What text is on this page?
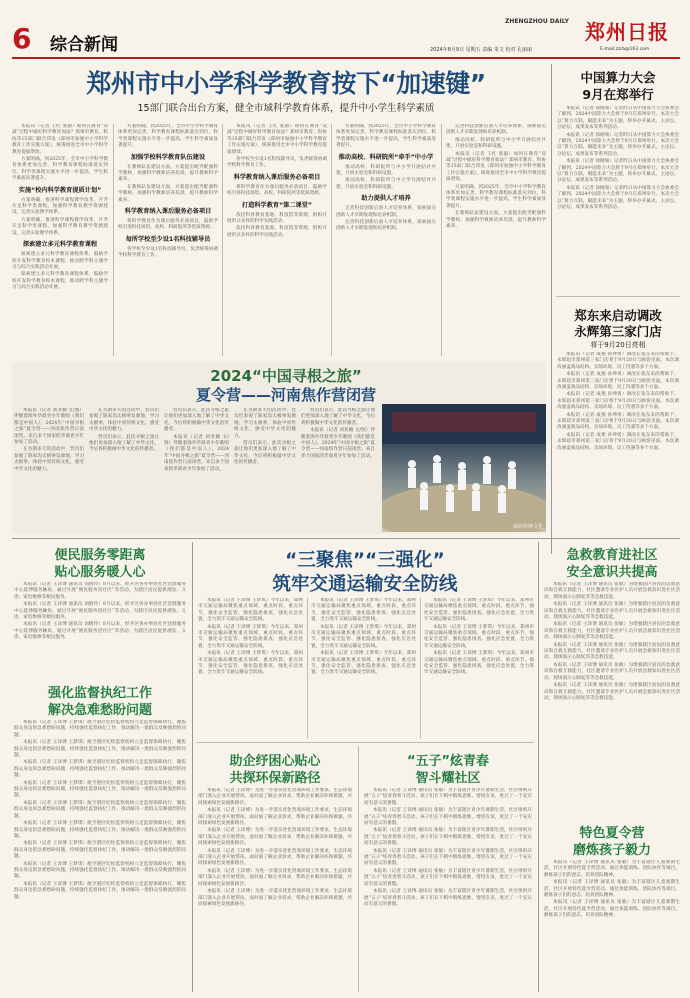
6 综合新闻	2024年8月9日 星期五 责编 朱文 校对 孔丽丽
ZHENGZHOU DAILY 郑州日报
E-mail:zzrb@163.com
郑州市中小学科学教育按下“加速键”
15部门联合出台方案，健全市域科学教育体系，提升中小学生科学素质

本报讯（记者 王红 张毅）如何在教育“双减”过程中做好科学教育加法？郑州市教育、科协等15部门联合印发《郑州市加强中小学科学教育工作实施方案》，统筹推进全市中小学科学教育提质增效。

方案明确，到2025年，全市中小学科学教育体系更加完善，科学教育课程标准落实到位，科学类课程实施水平进一步提高，学生科学素质显著提升。

实施“校内科学教育提质计划”

方案明确，推进科学课程教学改革，开齐开足科学类课程。加强科学教育教学资源建设，完善实验教学体系。

方案明确，推进科学课程教学改革，开齐开足科学类课程。加强科学教育教学资源建设，完善实验教学体系。

探索建立多元科学教育课程

探索建立多元科学教育课程体系，鼓励学校开发科学教育校本课程，推动跨学科主题学习与综合实践活动开展。

探索建立多元科学教育课程体系，鼓励学校开发科学教育校本课程，推动跨学科主题学习与综合实践活动开展。

方案明确，到2025年，全市中小学科学教育体系更加完善，科学教育课程标准落实到位，科学类课程实施水平进一步提高，学生科学素质显著提升。

加强学校科学教育队伍建设

在教师队伍建设方面，方案提出配齐配强科学教师，加强科学教师培养培训，提升教师科学素养。

在教师队伍建设方面，方案提出配齐配强科学教师，加强科学教师培养培训，提升教师科学素养。

科学教育纳入课后服务必备项目

将科学教育作为课后服务必备项目，鼓励学校引进科技场馆、高校、科研院所等优质资源。

每所学校至少设1名科技辅导员

各学校至少设1名科技辅导员，负责统筹协调学校科学教育工作。

本报讯（记者 王红 张毅）如何在教育“双减”过程中做好科学教育加法？郑州市教育、科协等15部门联合印发《郑州市加强中小学科学教育工作实施方案》，统筹推进全市中小学科学教育提质增效。

各学校至少设1名科技辅导员，负责统筹协调学校科学教育工作。

科学教育纳入课后服务必备项目

将科学教育作为课后服务必备项目，鼓励学校引进科技场馆、高校、科研院所等优质资源。

打造科学教育“第二课堂”

依托科普教育基地、科技馆等资源，组织开展形式多样的科学实践活动。

依托科普教育基地、科技馆等资源，组织开展形式多样的科学实践活动。

方案明确，到2025年，全市中小学科学教育体系更加完善，科学教育课程标准落实到位，科学类课程实施水平进一步提高，学生科学素质显著提升。

推动高校、科研院所“牵手”中小学

推动高校、科研院所与中小学开展结对共建，开放实验室和科研设施。

推动高校、科研院所与中小学开展结对共建，开放实验室和科研设施。

助力提供人才培养

完善科技创新后备人才培养体系，探索拔尖创新人才早期发现和培养机制。

完善科技创新后备人才培养体系，探索拔尖创新人才早期发现和培养机制。

完善科技创新后备人才培养体系，探索拔尖创新人才早期发现和培养机制。

推动高校、科研院所与中小学开展结对共建，开放实验室和科研设施。

本报讯（记者 王红 张毅）如何在教育“双减”过程中做好科学教育加法？郑州市教育、科协等15部门联合印发《郑州市加强中小学科学教育工作实施方案》，统筹推进全市中小学科学教育提质增效。

方案明确，到2025年，全市中小学科学教育体系更加完善，科学教育课程标准落实到位，科学类课程实施水平进一步提高，学生科学素质显著提升。

在教师队伍建设方面，方案提出配齐配强科学教师，加强科学教师培养培训，提升教师科学素养。

中国算力大会
9月在郑举行

本报讯（记者 徐刚领）记者昨日从中国算力大会执委会了解到，2024中国算力大会将于9月在郑州举行。本次大会以“算力互联，赋能未来”为主题，将举办开幕式、主论坛、分论坛、成果发布等系列活动。

本报讯（记者 徐刚领）记者昨日从中国算力大会执委会了解到，2024中国算力大会将于9月在郑州举行。本次大会以“算力互联，赋能未来”为主题，将举办开幕式、主论坛、分论坛、成果发布等系列活动。

本报讯（记者 徐刚领）记者昨日从中国算力大会执委会了解到，2024中国算力大会将于9月在郑州举行。本次大会以“算力互联，赋能未来”为主题，将举办开幕式、主论坛、分论坛、成果发布等系列活动。

本报讯（记者 徐刚领）记者昨日从中国算力大会执委会了解到，2024中国算力大会将于9月在郑州举行。本次大会以“算力互联，赋能未来”为主题，将举办开幕式、主论坛、分论坛、成果发布等系列活动。

郑东来启动调改
永辉第三家门店
将于9月20日亮相

本报讯（记者 成燕 孙坤勇）调改在张东来的帮助下，永辉超市郑州第三家门店将于9月20日与顾客见面。本次调改涵盖商品结构、卖场环境、员工待遇等多个方面。

本报讯（记者 成燕 孙坤勇）调改在张东来的帮助下，永辉超市郑州第三家门店将于9月20日与顾客见面。本次调改涵盖商品结构、卖场环境、员工待遇等多个方面。

本报讯（记者 成燕 孙坤勇）调改在张东来的帮助下，永辉超市郑州第三家门店将于9月20日与顾客见面。本次调改涵盖商品结构、卖场环境、员工待遇等多个方面。

本报讯（记者 成燕 孙坤勇）调改在张东来的帮助下，永辉超市郑州第三家门店将于9月20日与顾客见面。本次调改涵盖商品结构、卖场环境、员工待遇等多个方面。

本报讯（记者 成燕 孙坤勇）调改在张东来的帮助下，永辉超市郑州第三家门店将于9月20日与顾客见面。本次调改涵盖商品结构、卖场环境、员工待遇等多个方面。

2024“中国寻根之旅”
夏令营——河南焦作营闭营

本报讯（记者 刘亚楠 文/图）伴随着海外华裔青少年歌唱《我们都是中国人》，2024年“中国寻根之旅”夏令营——河南焦作营日前闭营。来自多个国家的华裔青少年参加了活动。

在为期多天的活动中，营员们参观了陈家沟太极拳发源地，学习太极拳，体验中原传统文化，感受中华文化的魅力。

在为期多天的活动中，营员们参观了陈家沟太极拳发源地，学习太极拳，体验中原传统文化，感受中华文化的魅力。

营员们表示，此次寻根之旅让他们更加深入地了解了中华文化，今后将积极做中华文化的传播者。

营员们表示，此次寻根之旅让他们更加深入地了解了中华文化，今后将积极做中华文化的传播者。

本报讯（记者 刘亚楠 文/图）伴随着海外华裔青少年歌唱《我们都是中国人》，2024年“中国寻根之旅”夏令营——河南焦作营日前闭营。来自多个国家的华裔青少年参加了活动。

在为期多天的活动中，营员们参观了陈家沟太极拳发源地，学习太极拳，体验中原传统文化，感受中华文化的魅力。

营员们表示，此次寻根之旅让他们更加深入地了解了中华文化，今后将积极做中华文化的传播者。

营员们表示，此次寻根之旅让他们更加深入地了解了中华文化，今后将积极做中华文化的传播者。

本报讯（记者 刘亚楠 文/图）伴随着海外华裔青少年歌唱《我们都是中国人》，2024年“中国寻根之旅”夏令营——河南焦作营日前闭营。来自多个国家的华裔青少年参加了活动。

体验传统文化
便民服务零距离
贴心服务暖人心

本报讯（记者 王译博 通讯员 刘鸥铃）8月以来，经开区各办事处社区党群服务中心延伸服务触角，通过开展“便民服务进社区”等活动，为辖区居民提供理发、义诊、家电维修等便民服务。

本报讯（记者 王译博 通讯员 刘鸥铃）8月以来，经开区各办事处社区党群服务中心延伸服务触角，通过开展“便民服务进社区”等活动，为辖区居民提供理发、义诊、家电维修等便民服务。

本报讯（记者 王译博 通讯员 刘鸥铃）8月以来，经开区各办事处社区党群服务中心延伸服务触角，通过开展“便民服务进社区”等活动，为辖区居民提供理发、义诊、家电维修等便民服务。

强化监督执纪工作
解决急难愁盼问题

本报讯（记者 王译博 王梦琪）航空港区纪检监察机构立足监督保障执行，聚焦群众身边的急难愁盼问题，持续强化监督执纪工作，推动解决一批群众反映强烈的问题。

本报讯（记者 王译博 王梦琪）航空港区纪检监察机构立足监督保障执行，聚焦群众身边的急难愁盼问题，持续强化监督执纪工作，推动解决一批群众反映强烈的问题。

本报讯（记者 王译博 王梦琪）航空港区纪检监察机构立足监督保障执行，聚焦群众身边的急难愁盼问题，持续强化监督执纪工作，推动解决一批群众反映强烈的问题。

本报讯（记者 王译博 王梦琪）航空港区纪检监察机构立足监督保障执行，聚焦群众身边的急难愁盼问题，持续强化监督执纪工作，推动解决一批群众反映强烈的问题。

本报讯（记者 王译博 王梦琪）航空港区纪检监察机构立足监督保障执行，聚焦群众身边的急难愁盼问题，持续强化监督执纪工作，推动解决一批群众反映强烈的问题。

本报讯（记者 王译博 王梦琪）航空港区纪检监察机构立足监督保障执行，聚焦群众身边的急难愁盼问题，持续强化监督执纪工作，推动解决一批群众反映强烈的问题。

本报讯（记者 王译博 王梦琪）航空港区纪检监察机构立足监督保障执行，聚焦群众身边的急难愁盼问题，持续强化监督执纪工作，推动解决一批群众反映强烈的问题。

本报讯（记者 王译博 王梦琪）航空港区纪检监察机构立足监督保障执行，聚焦群众身边的急难愁盼问题，持续强化监督执纪工作，推动解决一批群众反映强烈的问题。

本报讯（记者 王译博 王梦琪）航空港区纪检监察机构立足监督保障执行，聚焦群众身边的急难愁盼问题，持续强化监督执纪工作，推动解决一批群众反映强烈的问题。

“三聚焦”“三强化”
筑牢交通运输安全防线

本报讯（记者 王译博 王梦琪）今年以来，郑州市交通运输局聚焦重点领域、重点时段、重点环节，强化安全监管、强化隐患排查、强化应急处置，全力筑牢交通运输安全防线。

本报讯（记者 王译博 王梦琪）今年以来，郑州市交通运输局聚焦重点领域、重点时段、重点环节，强化安全监管、强化隐患排查、强化应急处置，全力筑牢交通运输安全防线。

本报讯（记者 王译博 王梦琪）今年以来，郑州市交通运输局聚焦重点领域、重点时段、重点环节，强化安全监管、强化隐患排查、强化应急处置，全力筑牢交通运输安全防线。

本报讯（记者 王译博 王梦琪）今年以来，郑州市交通运输局聚焦重点领域、重点时段、重点环节，强化安全监管、强化隐患排查、强化应急处置，全力筑牢交通运输安全防线。

本报讯（记者 王译博 王梦琪）今年以来，郑州市交通运输局聚焦重点领域、重点时段、重点环节，强化安全监管、强化隐患排查、强化应急处置，全力筑牢交通运输安全防线。

本报讯（记者 王译博 王梦琪）今年以来，郑州市交通运输局聚焦重点领域、重点时段、重点环节，强化安全监管、强化隐患排查、强化应急处置，全力筑牢交通运输安全防线。

本报讯（记者 王译博 王梦琪）今年以来，郑州市交通运输局聚焦重点领域、重点时段、重点环节，强化安全监管、强化隐患排查、强化应急处置，全力筑牢交通运输安全防线。

本报讯（记者 王译博 王梦琪）今年以来，郑州市交通运输局聚焦重点领域、重点时段、重点环节，强化安全监管、强化隐患排查、强化应急处置，全力筑牢交通运输安全防线。

本报讯（记者 王译博 王梦琪）今年以来，郑州市交通运输局聚焦重点领域、重点时段、重点环节，强化安全监管、强化隐患排查、强化应急处置，全力筑牢交通运输安全防线。

助企纾困心贴心
共探环保新路径

本报讯（记者 王译博）为进一步落实优化营商环境工作要求，生态环境部门深入企业开展帮扶，面对面了解企业诉求，帮助企业解决环保难题，共同探索绿色发展新路径。

本报讯（记者 王译博）为进一步落实优化营商环境工作要求，生态环境部门深入企业开展帮扶，面对面了解企业诉求，帮助企业解决环保难题，共同探索绿色发展新路径。

本报讯（记者 王译博）为进一步落实优化营商环境工作要求，生态环境部门深入企业开展帮扶，面对面了解企业诉求，帮助企业解决环保难题，共同探索绿色发展新路径。

本报讯（记者 王译博）为进一步落实优化营商环境工作要求，生态环境部门深入企业开展帮扶，面对面了解企业诉求，帮助企业解决环保难题，共同探索绿色发展新路径。

本报讯（记者 王译博）为进一步落实优化营商环境工作要求，生态环境部门深入企业开展帮扶，面对面了解企业诉求，帮助企业解决环保难题，共同探索绿色发展新路径。

本报讯（记者 王译博）为进一步落实优化营商环境工作要求，生态环境部门深入企业开展帮扶，面对面了解企业诉求，帮助企业解决环保难题，共同探索绿色发展新路径。

“五子”炫青春
智斗耀社区

本报讯（记者 王译博 通讯员 张敏）为丰富辖区青少年暑期生活，社区组织开展“五子”炫青春智斗活动，孩子们在下棋中锻炼思维、增进友谊，度过了一个充实而有意义的暑假。

本报讯（记者 王译博 通讯员 张敏）为丰富辖区青少年暑期生活，社区组织开展“五子”炫青春智斗活动，孩子们在下棋中锻炼思维、增进友谊，度过了一个充实而有意义的暑假。

本报讯（记者 王译博 通讯员 张敏）为丰富辖区青少年暑期生活，社区组织开展“五子”炫青春智斗活动，孩子们在下棋中锻炼思维、增进友谊，度过了一个充实而有意义的暑假。

本报讯（记者 王译博 通讯员 张敏）为丰富辖区青少年暑期生活，社区组织开展“五子”炫青春智斗活动，孩子们在下棋中锻炼思维、增进友谊，度过了一个充实而有意义的暑假。

本报讯（记者 王译博 通讯员 张敏）为丰富辖区青少年暑期生活，社区组织开展“五子”炫青春智斗活动，孩子们在下棋中锻炼思维、增进友谊，度过了一个充实而有意义的暑假。

本报讯（记者 王译博 通讯员 张敏）为丰富辖区青少年暑期生活，社区组织开展“五子”炫青春智斗活动，孩子们在下棋中锻炼思维、增进友谊，度过了一个充实而有意义的暑假。

急救教育进社区
安全意识共提高

本报讯（记者 王译博 通讯员 张敏）为增强辖区居民的急救意识和自救互救能力，社区邀请专业医护人员开展急救知识进社区活动，现场演示心肺复苏等急救技能。

本报讯（记者 王译博 通讯员 张敏）为增强辖区居民的急救意识和自救互救能力，社区邀请专业医护人员开展急救知识进社区活动，现场演示心肺复苏等急救技能。

本报讯（记者 王译博 通讯员 张敏）为增强辖区居民的急救意识和自救互救能力，社区邀请专业医护人员开展急救知识进社区活动，现场演示心肺复苏等急救技能。

本报讯（记者 王译博 通讯员 张敏）为增强辖区居民的急救意识和自救互救能力，社区邀请专业医护人员开展急救知识进社区活动，现场演示心肺复苏等急救技能。

本报讯（记者 王译博 通讯员 张敏）为增强辖区居民的急救意识和自救互救能力，社区邀请专业医护人员开展急救知识进社区活动，现场演示心肺复苏等急救技能。

本报讯（记者 王译博 通讯员 张敏）为增强辖区居民的急救意识和自救互救能力，社区邀请专业医护人员开展急救知识进社区活动，现场演示心肺复苏等急救技能。

特色夏令营
磨炼孩子毅力

本报讯（记者 王译博 通讯员 张敏）为丰富辖区儿童暑期生活，社区开展特色夏令营活动，通过体能训练、团队协作等项目，磨炼孩子们的意志，培养团队精神。

本报讯（记者 王译博 通讯员 张敏）为丰富辖区儿童暑期生活，社区开展特色夏令营活动，通过体能训练、团队协作等项目，磨炼孩子们的意志，培养团队精神。

本报讯（记者 王译博 通讯员 张敏）为丰富辖区儿童暑期生活，社区开展特色夏令营活动，通过体能训练、团队协作等项目，磨炼孩子们的意志，培养团队精神。
